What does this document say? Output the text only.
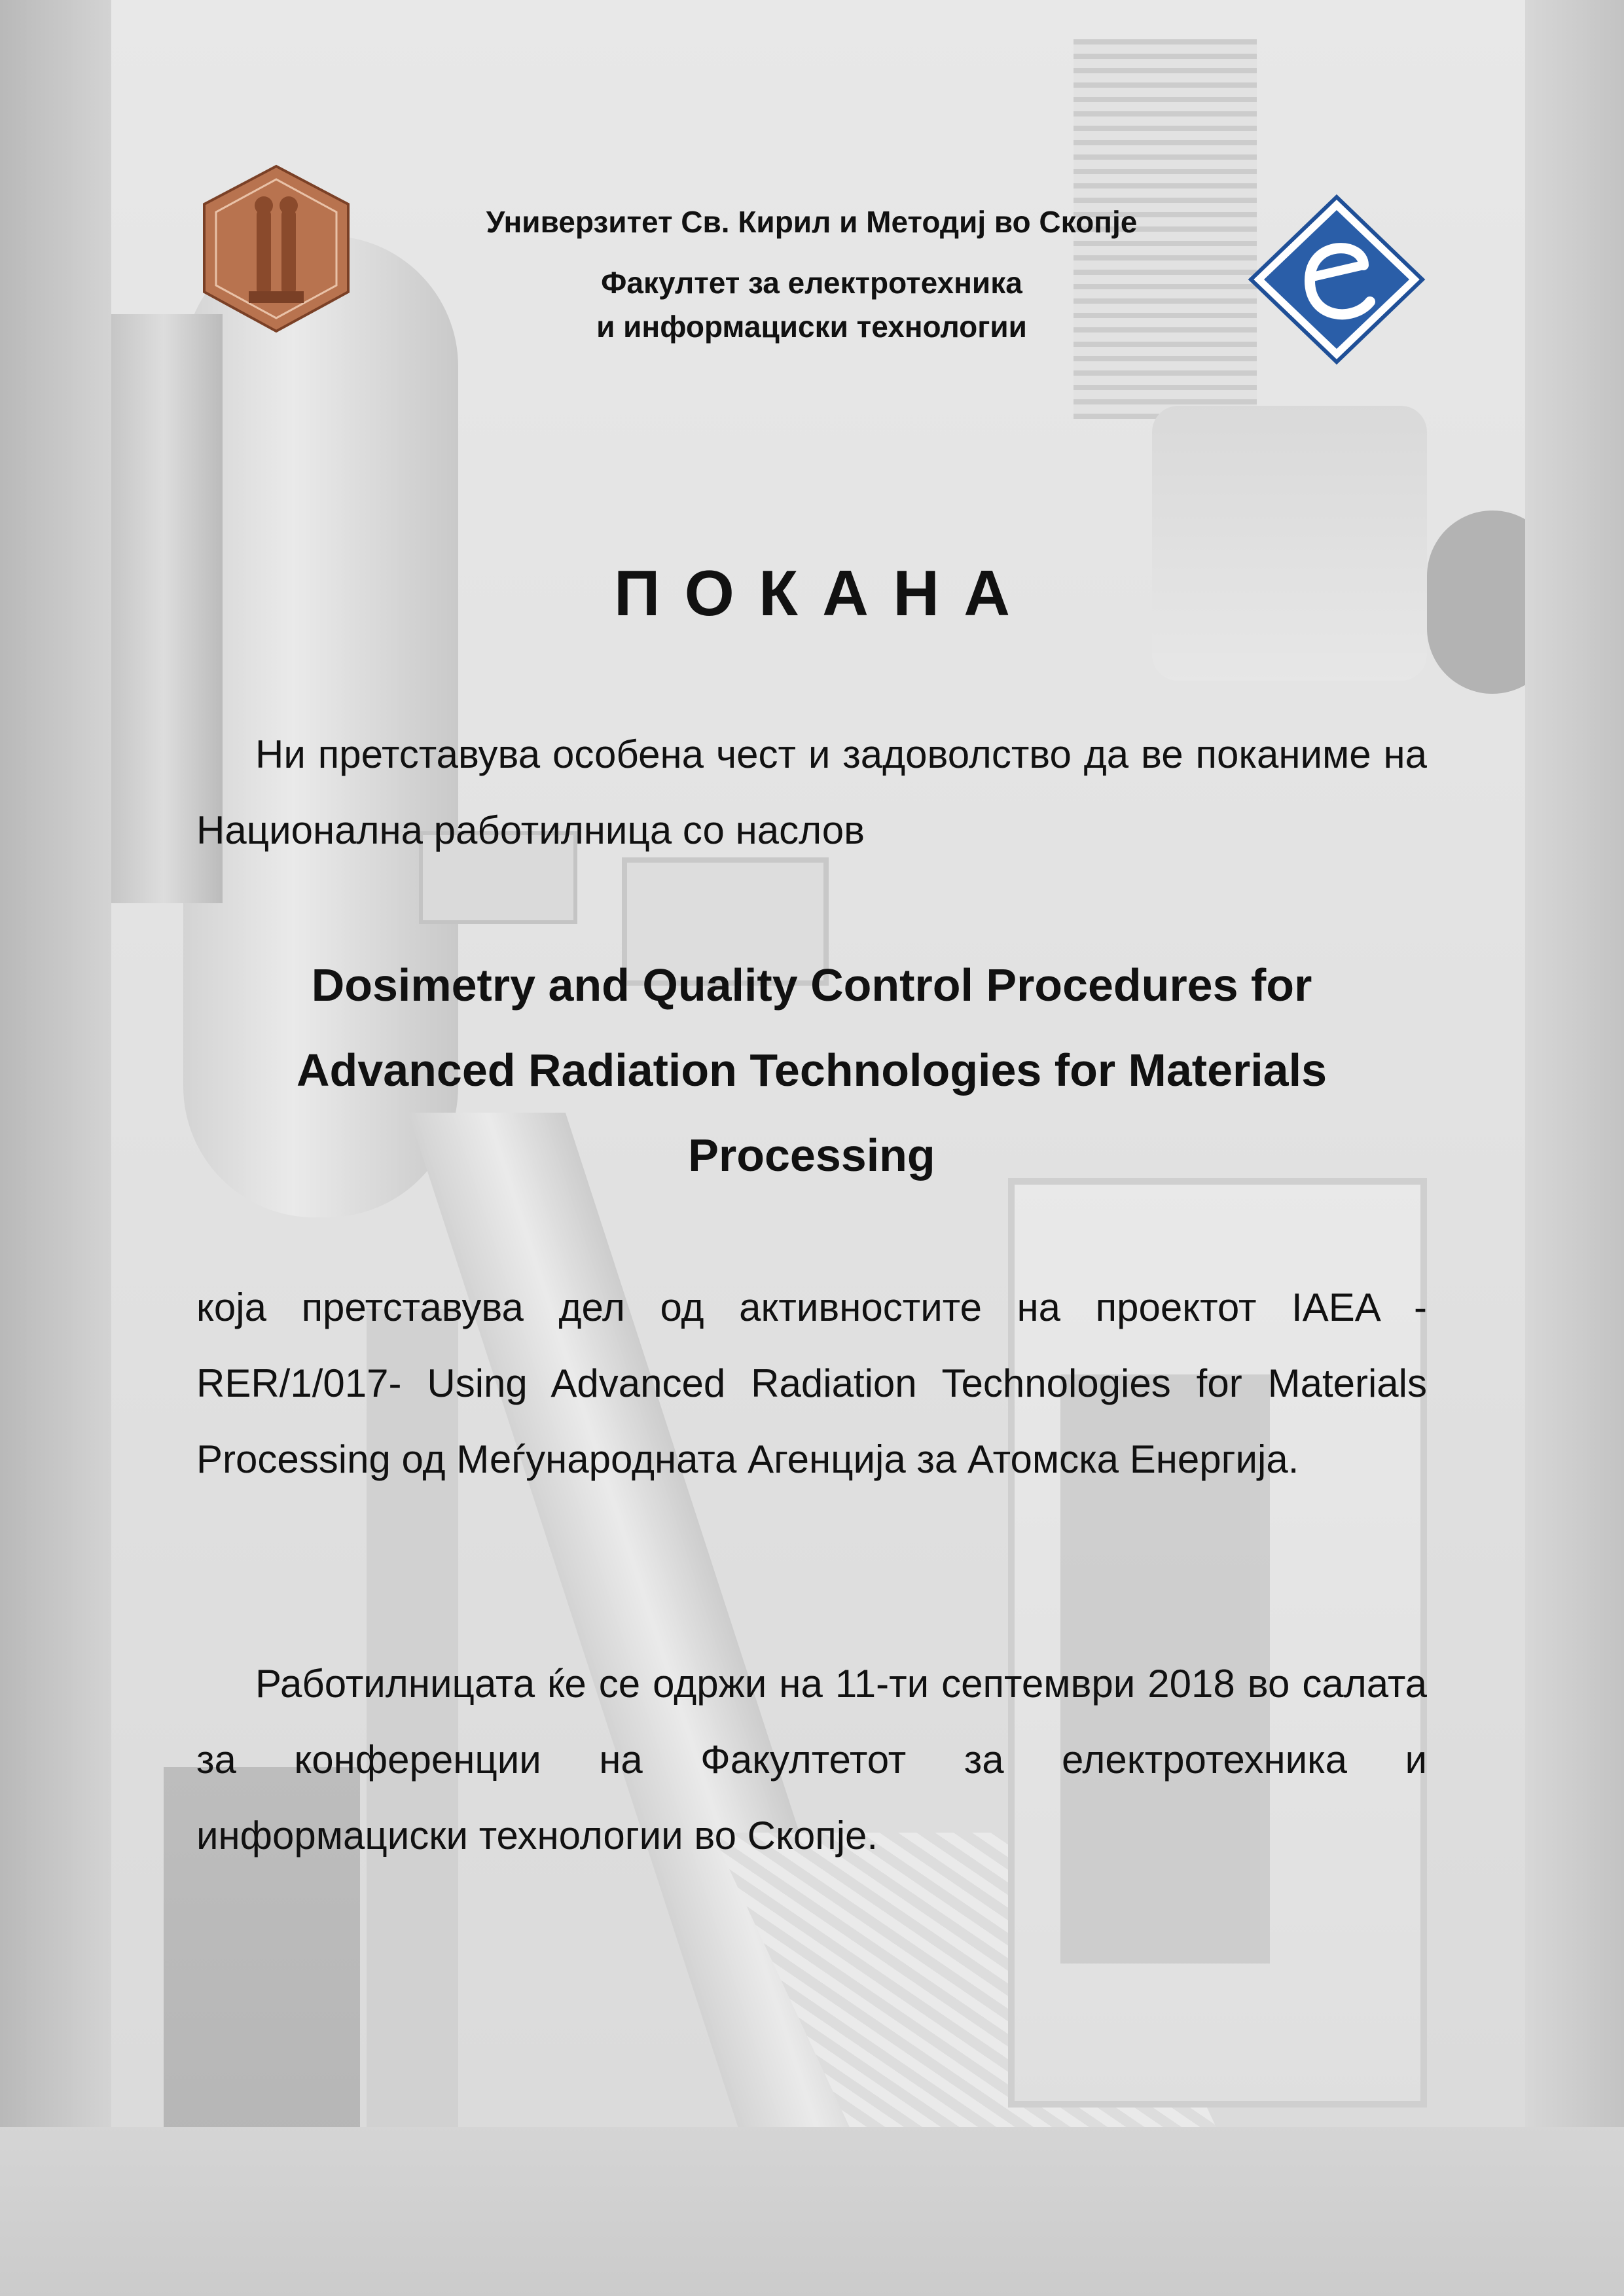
Универзитет Св. Кирил и Методиј во Скопје
Факултет за електротехника
и информациски технологии
ПОКАНА
Ни претставува особена чест и задоволство да ве поканиме на Национална работилница со наслов
Dosimetry and Quality Control Procedures for Advanced Radiation Technologies for Materials Processing
која претставува дел од активностите на проектот IAEA - RER/1/017- Using Advanced Radiation Technologies for Materials Processing од Меѓународната Агенција за Атомска Енергија.
Работилницата ќе се одржи на 11-ти септември 2018 во салата за конференции на Факултетот за електротехника и информациски технологии во Скопје.
